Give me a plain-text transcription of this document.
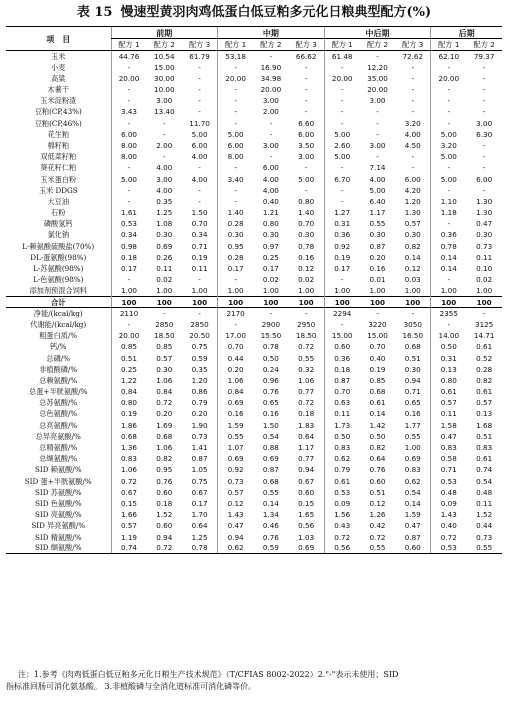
表 15 慢速型黄羽肉鸡低蛋白低豆粕多元化日粮典型配方(%)
项　目	前期			中期			中后期			后期	
	配方 1	配方 2	配方 3	配方 1	配方 2	配方 3	配方 1	配方 2	配方 3	配方 1	配方 2
玉米	44.76	10.54	61.79	53.18	-	66.62	61.48	-	72.62	62.10	79.37
小麦	-	15.00	-	-	16.90	-	-	12.20	-	-	-
高粱	20.00	30.00	-	20.00	34.98	-	20.00	35.00	-	20.00	-
木薯干	-	10.00	-	-	20.00	-	-	20.00	-	-	-
玉米淀粉渣	-	3.00	-	-	3.00	-	-	3.00	-	-	-
豆粕(CP,43%)	3.43	13.40	-	-	2.00	-	-	-	-	-	-
豆粕(CP,46%)	-	-	11.70	-	-	6.60	-	-	3.20	-	3.00
花生粕	6.00	-	5.00	5.00	-	6.00	5.00	-	4.00	5.00	6.30
棉籽粕	8.00	2.00	6.00	6.00	3.00	3.50	2.60	3.00	4.50	3.20	-
双低菜籽粕	8.00	-	4.00	8.00	-	3.00	5.00	-	-	5.00	-
葵花籽仁粕	-	4.00	-	-	6.00	-	-	7.14	-	-	-
玉米蛋白粉	5.00	3.00	4.00	3.40	4.00	5.00	6.70	4.00	6.00	5.00	6.00
玉米 DDGS	-	4.00	-	-	4.00	-	-	5.00	4.20	-	-
大豆油	-	0.35	-	-	0.40	0.80	-	6.40	1.20	1.10	1.30
石粉	1.61	1.25	1.50	1.40	1.21	1.40	1.27	1.17	1.30	1.18	1.30
磷酸氢钙	0.53	1.08	0.70	0.28	0.80	0.70	0.31	0.55	0.57	-	0.47
氯化钠	0.34	0.30	0.34	0.30	0.30	0.30	0.36	0.30	0.30	0.36	0.30
L-赖氨酸硫酸盐(70%)	0.98	0.69	0.71	0.95	0.97	0.78	0.92	0.87	0.82	0.78	0.73
DL-蛋氨酸(98%)	0.18	0.26	0.19	0.28	0.25	0.16	0.19	0.20	0.14	0.14	0.11
L-苏氨酸(98%)	0.17	0.11	0.11	0.17	0.17	0.12	0.17	0.16	0.12	0.14	0.10
L-色氨酸(98%)	-	0.02	-	-	0.02	0.02	-	0.01	0.03	-	0.02
添加剂预混合饲料	1.00	1.00	1.00	1.00	1.00	1.00	1.00	1.00	1.00	1.00	1.00
合计	100	100	100	100	100	100	100	100	100	100	100
净能/(kcal/kg)	2110	-	-	2170	-	-	2294	-	-	2355	-
代谢能/(kcal/kg)	-	2850	2850	-	2900	2950	-	3220	3050	-	3125
粗蛋白质/%	20.00	18.50	20.50	17.00	15.50	18.50	15.00	15.00	16.50	14.00	14.71
钙/%	0.85	0.85	0.75	0.70	0.78	0.72	0.60	0.70	0.68	0.50	0.61
总磷/%	0.51	0.57	0.59	0.44	0.50	0.55	0.36	0.40	0.51	0.31	0.52
非植酸磷/%	0.25	0.30	0.35	0.20	0.24	0.32	0.18	0.19	0.30	0.13	0.28
总赖氨酸/%	1.22	1.06	1.20	1.06	0.96	1.06	0.87	0.85	0.94	0.80	0.82
总蛋+半胱氨酸/%	0.84	0.84	0.86	0.84	0.76	0.77	0.70	0.68	0.71	0.61	0.61
总苏氨酸/%	0.80	0.72	0.79	0.69	0.65	0.72	0.63	0.61	0.65	0.57	0.57
总色氨酸/%	0.19	0.20	0.20	0.16	0.16	0.18	0.11	0.14	0.16	0.11	0.13
总亮氨酸/%	1.86	1.69	1.90	1.59	1.50	1.83	1.73	1.42	1.77	1.58	1.68
总异亮氨酸/%	0.68	0.68	0.73	0.55	0.54	0.64	0.50	0.50	0.55	0.47	0.51
总精氨酸/%	1.36	1.06	1.41	1.07	0.88	1.17	0.83	0.82	1.00	0.83	0.83
总缬氨酸/%	0.83	0.82	0.87	0.69	0.69	0.77	0.62	0.64	0.69	0.58	0.61
SID 赖氨酸/%	1.06	0.95	1.05	0.92	0.87	0.94	0.79	0.76	0.83	0.71	0.74
SID 蛋+半胱氨酸/%	0.72	0.76	0.75	0.73	0.68	0.67	0.61	0.60	0.62	0.53	0.54
SID 苏氨酸/%	0.67	0.60	0.67	0.57	0.55	0.60	0.53	0.51	0.54	0.48	0.48
SID 色氨酸/%	0.15	0.18	0.17	0.12	0.14	0.15	0.09	0.12	0.14	0.09	0.11
SID 亮氨酸/%	1.66	1.52	1.70	1.43	1.34	1.65	1.56	1.26	1.59	1.43	1.52
SID 异亮氨酸/%	0.57	0.60	0.64	0.47	0.46	0.56	0.43	0.42	0.47	0.40	0.44
SID 精氨酸/%	1.19	0.94	1.25	0.94	0.76	1.03	0.72	0.72	0.87	0.72	0.73
SID 缬氨酸/%	0.74	0.72	0.78	0.62	0.59	0.69	0.56	0.55	0.60	0.53	0.55
注：1.参考《肉鸡低蛋白低豆粕多元化日粮生产技术规范》（T/CFIAS 8002-2022）2."-"表示未使用；SID
指标准回肠可消化氨基酸。 3.非植酸磷与全消化道标准可消化磷等价。
